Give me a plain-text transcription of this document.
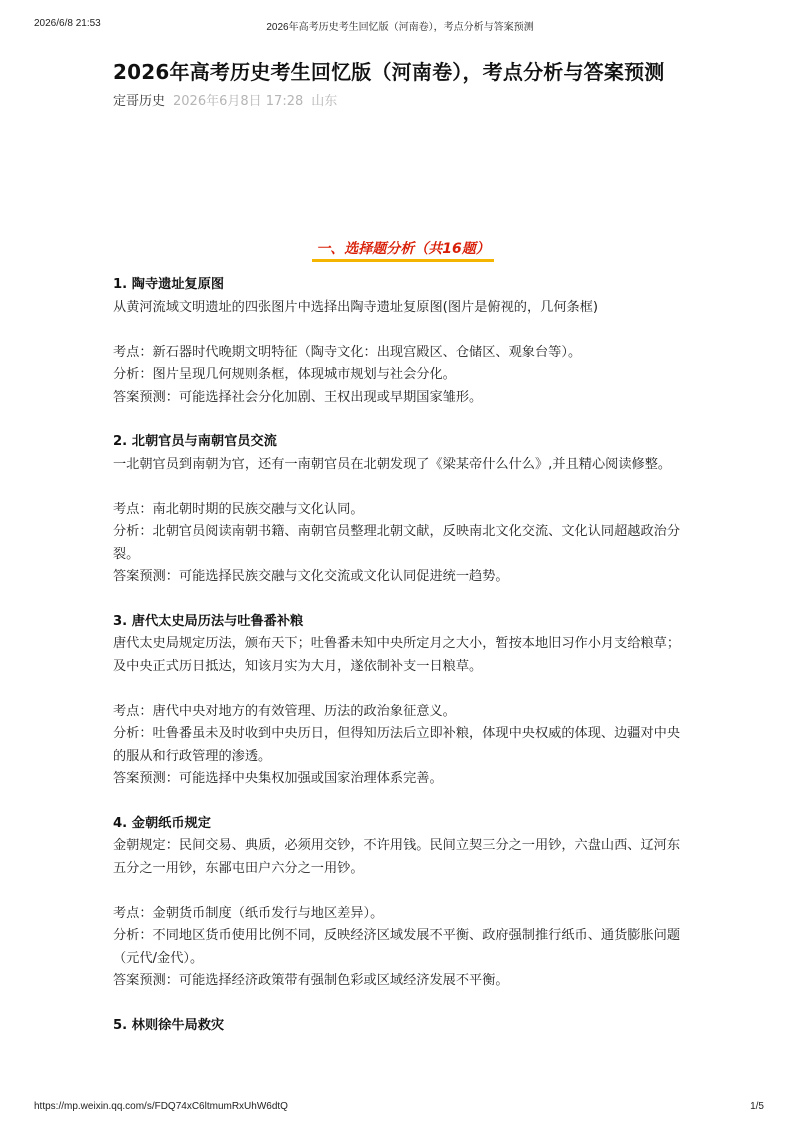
2026/6/8 21:53	2026年高考历史考生回忆版（河南卷），考点分析与答案预测
2026年高考历史考生回忆版（河南卷），考点分析与答案预测
定哥历史 2026年6月8日 17:28 山东
一、选择题分析（共16题）

1. 陶寺遗址复原图

从黄河流域文明遗址的四张图片中选择出陶寺遗址复原图(图片是俯视的，几何条框)

考点：新石器时代晚期文明特征（陶寺文化：出现宫殿区、仓储区、观象台等）。

分析：图片呈现几何规则条框，体现城市规划与社会分化。

答案预测：可能选择社会分化加剧、王权出现或早期国家雏形。

2. 北朝官员与南朝官员交流

一北朝官员到南朝为官，还有一南朝官员在北朝发现了《梁某帝什么什么》,并且精心阅读修整。

考点：南北朝时期的民族交融与文化认同。

分析：北朝官员阅读南朝书籍、南朝官员整理北朝文献，反映南北文化交流、文化认同超越政治分裂。

答案预测：可能选择民族交融与文化交流或文化认同促进统一趋势。

3. 唐代太史局历法与吐鲁番补粮

唐代太史局规定历法，颁布天下；吐鲁番未知中央所定月之大小，暂按本地旧习作小月支给粮草；及中央正式历日抵达，知该月实为大月，遂依制补支一日粮草。

考点：唐代中央对地方的有效管理、历法的政治象征意义。

分析：吐鲁番虽未及时收到中央历日，但得知历法后立即补粮，体现中央权威的体现、边疆对中央的服从和行政管理的渗透。

答案预测：可能选择中央集权加强或国家治理体系完善。

4. 金朝纸币规定

金朝规定：民间交易、典质，必须用交钞，不许用钱。民间立契三分之一用钞，六盘山西、辽河东五分之一用钞，东鄙屯田户六分之一用钞。

考点：金朝货币制度（纸币发行与地区差异）。

分析：不同地区货币使用比例不同，反映经济区域发展不平衡、政府强制推行纸币、通货膨胀问题（元代/金代）。

答案预测：可能选择经济政策带有强制色彩或区域经济发展不平衡。

5. 林则徐牛局救灾

https://mp.weixin.qq.com/s/FDQ74xC6ltmumRxUhW6dtQ	1/5
